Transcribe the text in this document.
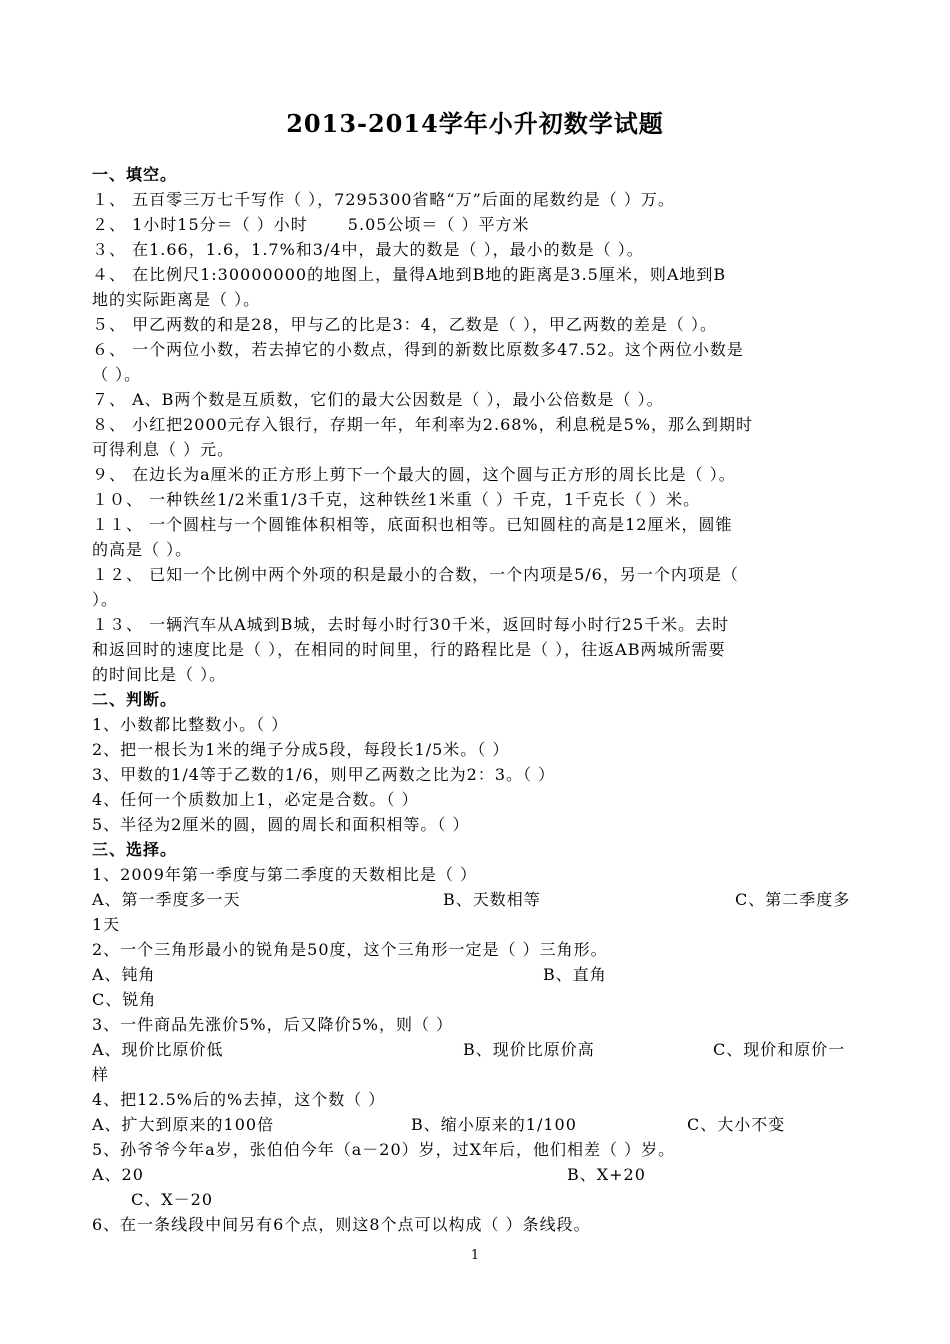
2013-2014学年小升初数学试题
一、填空。
１、 五百零三万七千写作（ ），7295300省略“万”后面的尾数约是（ ）万。
２、 1小时15分＝（ ）小时　　 5.05公顷＝（ ）平方米
３、 在1.66，1.6，1.7%和3/4中，最大的数是（ ），最小的数是（ ）。
４、 在比例尺1:30000000的地图上，量得A地到B地的距离是3.5厘米，则A地到B
地的实际距离是（ ）。
５、 甲乙两数的和是28，甲与乙的比是3：4，乙数是（ ），甲乙两数的差是（ ）。
６、 一个两位小数，若去掉它的小数点，得到的新数比原数多47.52。这个两位小数是
（ ）。
７、 A、B两个数是互质数，它们的最大公因数是（ ），最小公倍数是（ ）。
８、 小红把2000元存入银行，存期一年，年利率为2.68%，利息税是5%，那么到期时
可得利息（ ）元。
９、 在边长为a厘米的正方形上剪下一个最大的圆，这个圆与正方形的周长比是（ ）。
１０、 一种铁丝1/2米重1/3千克，这种铁丝1米重（ ）千克，1千克长（ ）米。
１１、 一个圆柱与一个圆锥体积相等，底面积也相等。已知圆柱的高是12厘米，圆锥
的高是（ ）。
１２、 已知一个比例中两个外项的积是最小的合数，一个内项是5/6，另一个内项是（
）。
１３、 一辆汽车从A城到B城，去时每小时行30千米，返回时每小时行25千米。去时
和返回时的速度比是（ ），在相同的时间里，行的路程比是（ ），往返AB两城所需要
的时间比是（ ）。
二、判断。
1、小数都比整数小。（ ）
2、把一根长为1米的绳子分成5段，每段长1/5米。（ ）
3、甲数的1/4等于乙数的1/6，则甲乙两数之比为2：3。（ ）
4、任何一个质数加上1，必定是合数。（ ）
5、半径为2厘米的圆，圆的周长和面积相等。（ ）
三、选择。
1、2009年第一季度与第二季度的天数相比是（ ）
A、第一季度多一天	B、天数相等	C、第二季度多
1天
2、一个三角形最小的锐角是50度，这个三角形一定是（ ）三角形。
A、钝角	B、直角
C、锐角
3、一件商品先涨价5%，后又降价5%，则（ ）
A、现价比原价低	B、现价比原价高	C、现价和原价一
样
4、把12.5%后的%去掉，这个数（ ）
A、扩大到原来的100倍	B、缩小原来的1/100	C、大小不变
5、孙爷爷今年a岁，张伯伯今年（a－20）岁，过X年后，他们相差（ ）岁。
A、20	B、X+20
C、X－20
6、在一条线段中间另有6个点，则这8个点可以构成（ ）条线段。
1
